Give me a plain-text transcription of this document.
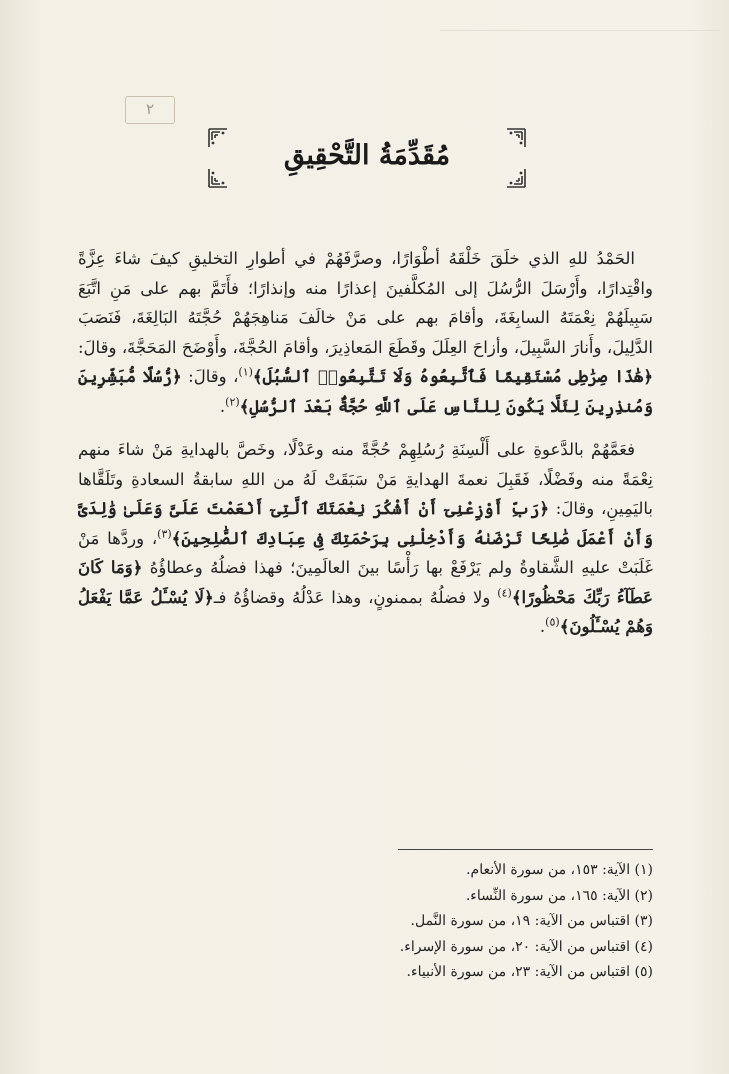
٢
مُقَدِّمَةُ التَّحْقِيقِ

الحَمْدُ للهِ الذي خلَقَ خَلْقَهُ أطْوَارًا، وصرَّفَهُمْ في أطوارِ التخليقِ كيفَ شاءَ عِزَّةً واقْتِدارًا، وأَرْسَلَ الرُّسُلَ إلى المُكلَّفينَ إعذارًا منه وإنذارًا؛ فأَتَمَّ بهم على مَنِ اتَّبَعَ سَبِيلَهُمْ نِعْمَتَهُ السابِغَةَ، وأقامَ بهم على مَنْ خالَفَ مَناهِجَهُمْ حُجَّتَهُ البَالِغَةَ، فَنَصَبَ الدَّلِيلَ، وأَنارَ السَّبِيلَ، وأزاحَ العِلَلَ وقَطَعَ المَعاذِيرَ، وأقامَ الحُجَّةَ، وأَوْضَحَ المَحَجَّةَ، وقالَ: ﴿هَٰذَا صِرَٰطِى مُسْتَقِيمًا فَٱتَّبِعُوهُ وَلَا تَتَّبِعُوا۟ ٱلسُّبُلَ﴾$^{(١)}$، وقالَ: ﴿رُّسُلًا مُّبَشِّرِينَ وَمُنذِرِينَ لِئَلَّا يَكُونَ لِلنَّاسِ عَلَى ٱللَّهِ حُجَّةٌۢ بَعْدَ ٱلرُّسُلِ﴾$^{(٢)}$.

فعَمَّهُمْ بالدَّعوةِ على أَلْسِنَةِ رُسُلِهِمْ حُجَّةً منه وعَدْلًا، وخَصَّ بالهدايةِ مَنْ شاءَ منهم نِعْمَةً منه وفَضْلًا، فَقَبِلَ نعمةَ الهدايةِ مَنْ سَبَقَتْ لَهُ من اللهِ سابقةُ السعادةِ وتَلَقَّاها باليَمِينِ، وقالَ: ﴿رَبِّ أَوْزِعْنِىٓ أَنْ أَشْكُرَ نِعْمَتَكَ ٱلَّتِىٓ أَنْعَمْتَ عَلَىَّ وَعَلَىٰ وَٰلِدَىَّ وَأَنْ أَعْمَلَ صَٰلِحًا تَرْضَىٰهُ وَأَدْخِلْنِى بِرَحْمَتِكَ فِى عِبَادِكَ ٱلصَّٰلِحِينَ﴾$^{(٣)}$، وردَّها مَنْ غَلَبَتْ عليهِ الشَّقاوةُ ولم يَرْفَعْ بها رَأْسًا بينَ العالَمِينَ؛ فهذا فضلُهُ وعطاؤُهُ ﴿وَمَا كَانَ عَطَآءُ رَبِّكَ مَحْظُورًا﴾$^{(٤)}$ ولا فضلُهُ بممنونٍ، وهذا عَدْلُهُ وقضاؤُهُ فـ﴿لَا يُسْـَٔلُ عَمَّا يَفْعَلُ وَهُمْ يُسْـَٔلُونَ﴾$^{(٥)}$.

(١) الآية: ١٥٣، من سورة الأنعام.
(٢) الآية: ١٦٥، من سورة النِّساء.
(٣) اقتباس من الآية: ١٩، من سورة النَّمل.
(٤) اقتباس من الآية: ٢٠، من سورة الإسراء.
(٥) اقتباس من الآية: ٢٣، من سورة الأنبياء.
